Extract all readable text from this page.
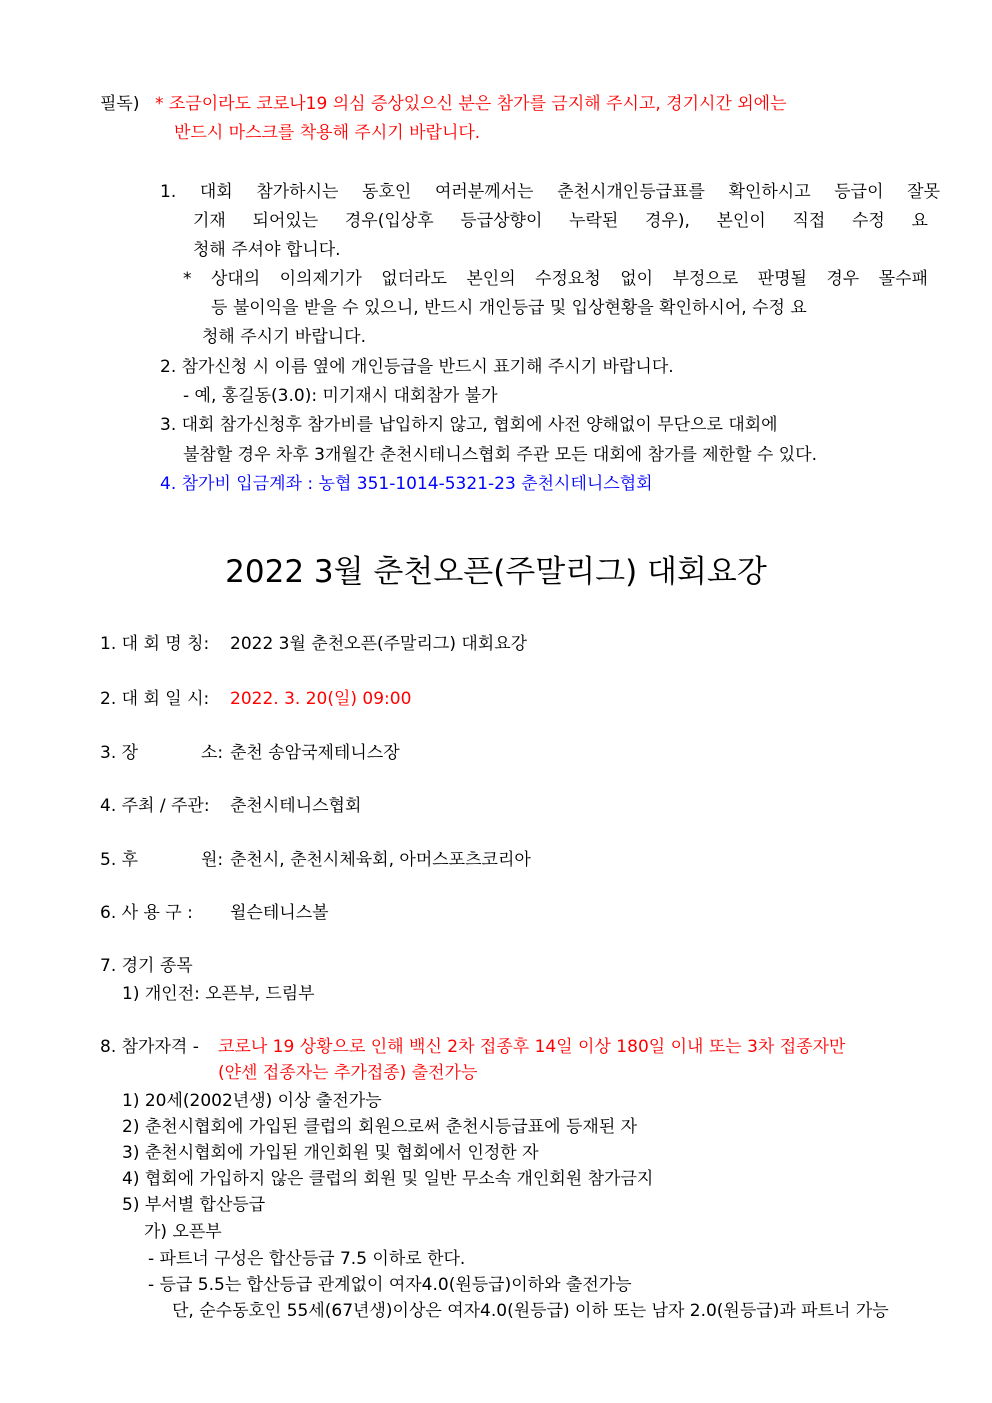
필독) * 조금이라도 코로나19 의심 증상있으신 분은 참가를 금지해 주시고, 경기시간 외에는
반드시 마스크를 착용해 주시기 바랍니다.
1. 대회 참가하시는 동호인 여러분께서는 춘천시개인등급표를 확인하시고 등급이 잘못
기재 되어있는 경우(입상후 등급상향이 누락된 경우), 본인이 직접 수정 요
청해 주셔야 합니다.
* 상대의 이의제기가 없더라도 본인의 수정요청 없이 부정으로 판명될 경우 몰수패
등 불이익을 받을 수 있으니, 반드시 개인등급 및 입상현황을 확인하시어, 수정 요
청해 주시기 바랍니다.
2. 참가신청 시 이름 옆에 개인등급을 반드시 표기해 주시기 바랍니다.
- 예, 홍길동(3.0): 미기재시 대회참가 불가
3. 대회 참가신청후 참가비를 납입하지 않고, 협회에 사전 양해없이 무단으로 대회에
불참할 경우 차후 3개월간 춘천시테니스협회 주관 모든 대회에 참가를 제한할 수 있다.
4. 참가비 입금계좌 : 농협 351-1014-5321-23 춘천시테니스협회
2022 3월 춘천오픈(주말리그) 대회요강
1. 대 회 명 칭: 2022 3월 춘천오픈(주말리그) 대회요강
2. 대 회 일 시: 2022. 3. 20(일) 09:00
3. 장	소: 춘천 송암국제테니스장
4. 주최 / 주관: 춘천시테니스협회
5. 후	원: 춘천시, 춘천시체육회, 아머스포츠코리아
6. 사 용 구 : 윌슨테니스볼
7. 경기 종목
1) 개인전: 오픈부, 드림부
8. 참가자격 - 코로나 19 상황으로 인해 백신 2차 접종후 14일 이상 180일 이내 또는 3차 접종자만
(얀센 접종자는 추가접종) 출전가능
1) 20세(2002년생) 이상 출전가능
2) 춘천시협회에 가입된 클럽의 회원으로써 춘천시등급표에 등재된 자
3) 춘천시협회에 가입된 개인회원 및 협회에서 인정한 자
4) 협회에 가입하지 않은 클럽의 회원 및 일반 무소속 개인회원 참가금지
5) 부서별 합산등급
가) 오픈부
- 파트너 구성은 합산등급 7.5 이하로 한다.
- 등급 5.5는 합산등급 관계없이 여자4.0(원등급)이하와 출전가능
단, 순수동호인 55세(67년생)이상은 여자4.0(원등급) 이하 또는 남자 2.0(원등급)과 파트너 가능
